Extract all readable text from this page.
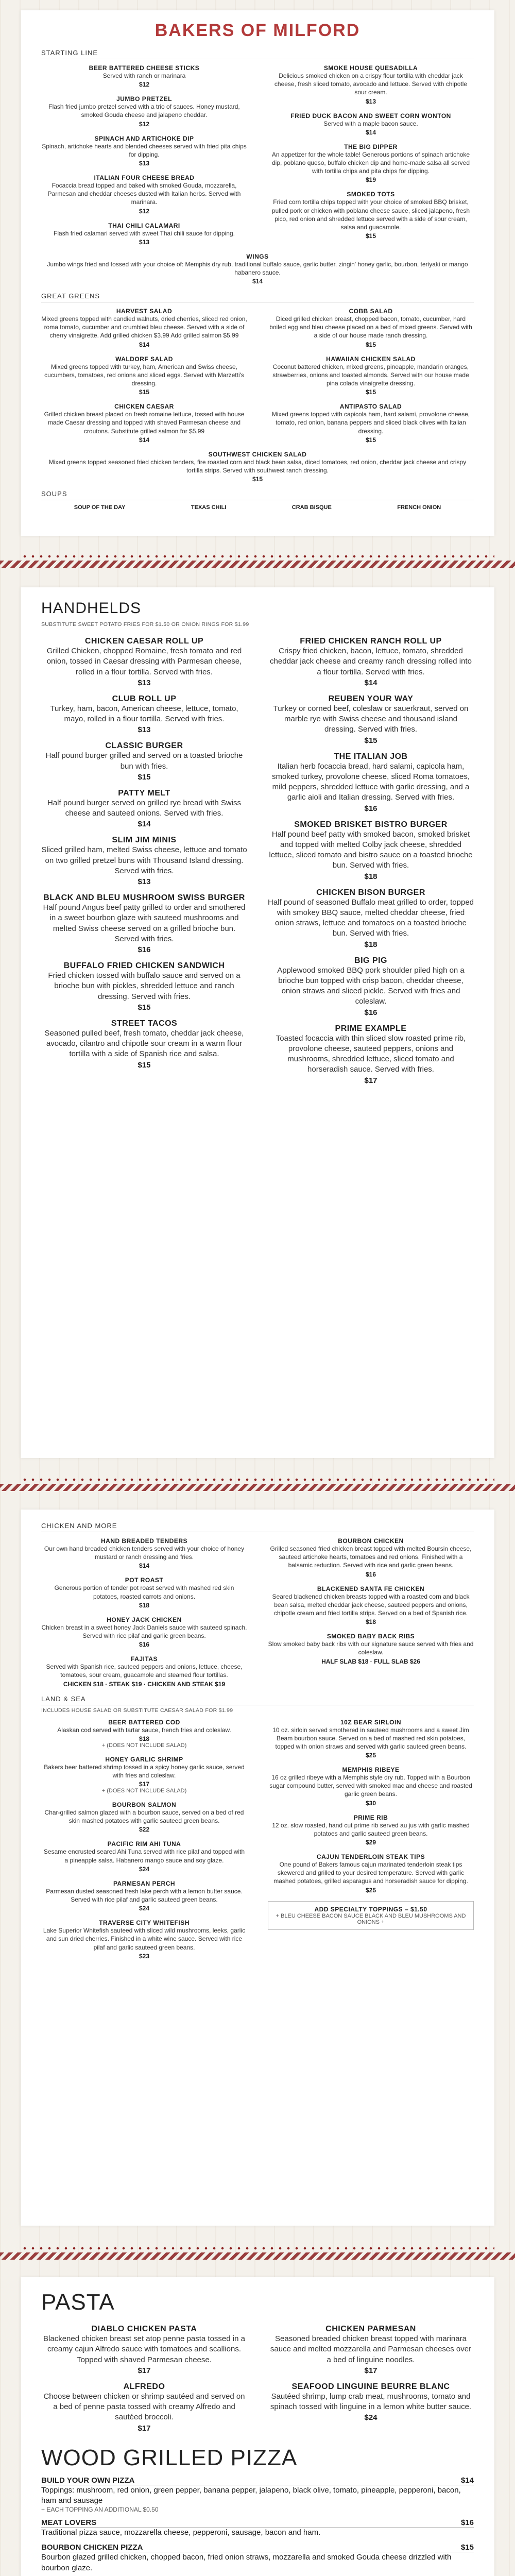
BAKERS OF MILFORD
STARTING LINE
BEER BATTERED CHEESE STICKS
Served with ranch or marinara
$12
JUMBO PRETZEL
Flash fried jumbo pretzel served with a trio of sauces. Honey mustard, smoked Gouda cheese and jalapeno cheddar.
$12
SPINACH AND ARTICHOKE DIP
Spinach, artichoke hearts and blended cheeses served with fried pita chips for dipping.
$13
ITALIAN FOUR CHEESE BREAD
Focaccia bread topped and baked with smoked Gouda, mozzarella, Parmesan and cheddar cheeses dusted with Italian herbs. Served with marinara.
$12
THAI CHILI CALAMARI
Flash fried calamari served with sweet Thai chili sauce for dipping.
$13
SMOKE HOUSE QUESADILLA
Delicious smoked chicken on a crispy flour tortilla with cheddar jack cheese, fresh sliced tomato, avocado and lettuce. Served with chipotle sour cream.
$13
FRIED DUCK BACON AND SWEET CORN WONTON
Served with a maple bacon sauce.
$14
THE BIG DIPPER
An appetizer for the whole table! Generous portions of spinach artichoke dip, poblano queso, buffalo chicken dip and home-made salsa all served with tortilla chips and pita chips for dipping.
$19
SMOKED TOTS
Fried corn tortilla chips topped with your choice of smoked BBQ brisket, pulled pork or chicken with poblano cheese sauce, sliced jalapeno, fresh pico, red onion and shredded lettuce served with a side of sour cream, salsa and guacamole.
$15
WINGS
Jumbo wings fried and tossed with your choice of: Memphis dry rub, traditional buffalo sauce, garlic butter, zingin' honey garlic, bourbon, teriyaki or mango habanero sauce.
$14
GREAT GREENS
HARVEST SALAD
Mixed greens topped with candied walnuts, dried cherries, sliced red onion, roma tomato, cucumber and crumbled bleu cheese. Served with a side of cherry vinaigrette. Add grilled chicken $3.99 Add grilled salmon $5.99
$14
WALDORF SALAD
Mixed greens topped with turkey, ham, American and Swiss cheese, cucumbers, tomatoes, red onions and sliced eggs. Served with Marzetti's dressing.
$15
CHICKEN CAESAR
Grilled chicken breast placed on fresh romaine lettuce, tossed with house made Caesar dressing and topped with shaved Parmesan cheese and croutons. Substitute grilled salmon for $5.99
$14
COBB SALAD
Diced grilled chicken breast, chopped bacon, tomato, cucumber, hard boiled egg and bleu cheese placed on a bed of mixed greens. Served with a side of our house made ranch dressing.
$15
HAWAIIAN CHICKEN SALAD
Coconut battered chicken, mixed greens, pineapple, mandarin oranges, strawberries, onions and toasted almonds. Served with our house made pina colada vinaigrette dressing.
$15
ANTIPASTO SALAD
Mixed greens topped with capicola ham, hard salami, provolone cheese, tomato, red onion, banana peppers and sliced black olives with Italian dressing.
$15
SOUTHWEST CHICKEN SALAD
Mixed greens topped seasoned fried chicken tenders, fire roasted corn and black bean salsa, diced tomatoes, red onion, cheddar jack cheese and crispy tortilla strips. Served with southwest ranch dressing.
$15
SOUPS
SOUP OF THE DAY	TEXAS CHILI	CRAB BISQUE	FRENCH ONION
HANDHELDS
SUBSTITUTE SWEET POTATO FRIES FOR $1.50 OR ONION RINGS FOR $1.99
CHICKEN CAESAR ROLL UP
Grilled Chicken, chopped Romaine, fresh tomato and red onion, tossed in Caesar dressing with Parmesan cheese, rolled in a flour tortilla. Served with fries.
$13
CLUB ROLL UP
Turkey, ham, bacon, American cheese, lettuce, tomato, mayo, rolled in a flour tortilla. Served with fries.
$13
CLASSIC BURGER
Half pound burger grilled and served on a toasted brioche bun with fries.
$15
PATTY MELT
Half pound burger served on grilled rye bread with Swiss cheese and sauteed onions. Served with fries.
$14
SLIM JIM MINIS
Sliced grilled ham, melted Swiss cheese, lettuce and tomato on two grilled pretzel buns with Thousand Island dressing. Served with fries.
$13
BLACK AND BLEU MUSHROOM SWISS BURGER
Half pound Angus beef patty grilled to order and smothered in a sweet bourbon glaze with sauteed mushrooms and melted Swiss cheese served on a grilled brioche bun. Served with fries.
$16
BUFFALO FRIED CHICKEN SANDWICH
Fried chicken tossed with buffalo sauce and served on a brioche bun with pickles, shredded lettuce and ranch dressing. Served with fries.
$15
STREET TACOS
Seasoned pulled beef, fresh tomato, cheddar jack cheese, avocado, cilantro and chipotle sour cream in a warm flour tortilla with a side of Spanish rice and salsa.
$15
FRIED CHICKEN RANCH ROLL UP
Crispy fried chicken, bacon, lettuce, tomato, shredded cheddar jack cheese and creamy ranch dressing rolled into a flour tortilla. Served with fries.
$14
REUBEN YOUR WAY
Turkey or corned beef, coleslaw or sauerkraut, served on marble rye with Swiss cheese and thousand island dressing. Served with fries.
$15
THE ITALIAN JOB
Italian herb focaccia bread, hard salami, capicola ham, smoked turkey, provolone cheese, sliced Roma tomatoes, mild peppers, shredded lettuce with garlic dressing, and a garlic aioli and Italian dressing. Served with fries.
$16
SMOKED BRISKET BISTRO BURGER
Half pound beef patty with smoked bacon, smoked brisket and topped with melted Colby jack cheese, shredded lettuce, sliced tomato and bistro sauce on a toasted brioche bun. Served with fries.
$18
CHICKEN BISON BURGER
Half pound of seasoned Buffalo meat grilled to order, topped with smokey BBQ sauce, melted cheddar cheese, fried onion straws, lettuce and tomatoes on a toasted brioche bun. Served with fries.
$18
BIG PIG
Applewood smoked BBQ pork shoulder piled high on a brioche bun topped with crisp bacon, cheddar cheese, onion straws and sliced pickle. Served with fries and coleslaw.
$16
PRIME EXAMPLE
Toasted focaccia with thin sliced slow roasted prime rib, provolone cheese, sauteed peppers, onions and mushrooms, shredded lettuce, sliced tomato and horseradish sauce. Served with fries.
$17
CHICKEN AND MORE
HAND BREADED TENDERS
Our own hand breaded chicken tenders served with your choice of honey mustard or ranch dressing and fries.
$14
POT ROAST
Generous portion of tender pot roast served with mashed red skin potatoes, roasted carrots and onions.
$18
HONEY JACK CHICKEN
Chicken breast in a sweet honey Jack Daniels sauce with sauteed spinach. Served with rice pilaf and garlic green beans.
$16
FAJITAS
Served with Spanish rice, sauteed peppers and onions, lettuce, cheese, tomatoes, sour cream, guacamole and steamed flour tortillas.
CHICKEN $18 · STEAK $19 · CHICKEN AND STEAK $19
BOURBON CHICKEN
Grilled seasoned fried chicken breast topped with melted Boursin cheese, sauteed artichoke hearts, tomatoes and red onions. Finished with a balsamic reduction. Served with rice and garlic green beans.
$16
BLACKENED SANTA FE CHICKEN
Seared blackened chicken breasts topped with a roasted corn and black bean salsa, melted cheddar jack cheese, sauteed peppers and onions, chipotle cream and fried tortilla strips. Served on a bed of Spanish rice.
$18
SMOKED BABY BACK RIBS
Slow smoked baby back ribs with our signature sauce served with fries and coleslaw.
HALF SLAB $18 · FULL SLAB $26
LAND & SEA
INCLUDES HOUSE SALAD OR SUBSTITUTE CAESAR SALAD FOR $1.99
BEER BATTERED COD
Alaskan cod served with tartar sauce, french fries and coleslaw.
$18
+ (DOES NOT INCLUDE SALAD)
HONEY GARLIC SHRIMP
Bakers beer battered shrimp tossed in a spicy honey garlic sauce, served with fries and coleslaw.
$17
+ (DOES NOT INCLUDE SALAD)
BOURBON SALMON
Char-grilled salmon glazed with a bourbon sauce, served on a bed of red skin mashed potatoes with garlic sauteed green beans.
$22
PACIFIC RIM AHI TUNA
Sesame encrusted seared Ahi Tuna served with rice pilaf and topped with a pineapple salsa. Habanero mango sauce and soy glaze.
$24
PARMESAN PERCH
Parmesan dusted seasoned fresh lake perch with a lemon butter sauce. Served with rice pilaf and garlic sauteed green beans.
$24
TRAVERSE CITY WHITEFISH
Lake Superior Whitefish sauteed with sliced wild mushrooms, leeks, garlic and sun dried cherries. Finished in a white wine sauce. Served with rice pilaf and garlic sauteed green beans.
$23
10Z BEAR SIRLOIN
10 oz. sirloin served smothered in sauteed mushrooms and a sweet Jim Beam bourbon sauce. Served on a bed of mashed red skin potatoes, topped with onion straws and served with garlic sauteed green beans.
$25
MEMPHIS RIBEYE
16 oz grilled ribeye with a Memphis style dry rub. Topped with a Bourbon sugar compound butter, served with smoked mac and cheese and roasted garlic green beans.
$30
PRIME RIB
12 oz. slow roasted, hand cut prime rib served au jus with garlic mashed potatoes and garlic sauteed green beans.
$29
CAJUN TENDERLOIN STEAK TIPS
One pound of Bakers famous cajun marinated tenderloin steak tips skewered and grilled to your desired temperature. Served with garlic mashed potatoes, grilled asparagus and horseradish sauce for dipping.
$25
ADD SPECIALTY TOPPINGS – $1.50
+ BLEU CHEESE BACON SAUCE BLACK AND BLEU MUSHROOMS AND ONIONS +
PASTA
DIABLO CHICKEN PASTA
Blackened chicken breast set atop penne pasta tossed in a creamy cajun Alfredo sauce with tomatoes and scallions. Topped with shaved Parmesan cheese.
$17
ALFREDO
Choose between chicken or shrimp sautéed and served on a bed of penne pasta tossed with creamy Alfredo and sautéed broccoli.
$17
CHICKEN PARMESAN
Seasoned breaded chicken breast topped with marinara sauce and melted mozzarella and Parmesan cheeses over a bed of linguine noodles.
$17
SEAFOOD LINGUINE BEURRE BLANC
Sautéed shrimp, lump crab meat, mushrooms, tomato and spinach tossed with linguine in a lemon white butter sauce.
$24
WOOD GRILLED PIZZA
BUILD YOUR OWN PIZZA	$14
Toppings: mushroom, red onion, green pepper, banana pepper, jalapeno, black olive, tomato, pineapple, pepperoni, bacon, ham and sausage
+ EACH TOPPING AN ADDITIONAL $0.50
MEAT LOVERS	$16
Traditional pizza sauce, mozzarella cheese, pepperoni, sausage, bacon and ham.
BOURBON CHICKEN PIZZA	$15
Bourbon glazed grilled chicken, chopped bacon, fried onion straws, mozzarella and smoked Gouda cheese drizzled with bourbon glaze.
